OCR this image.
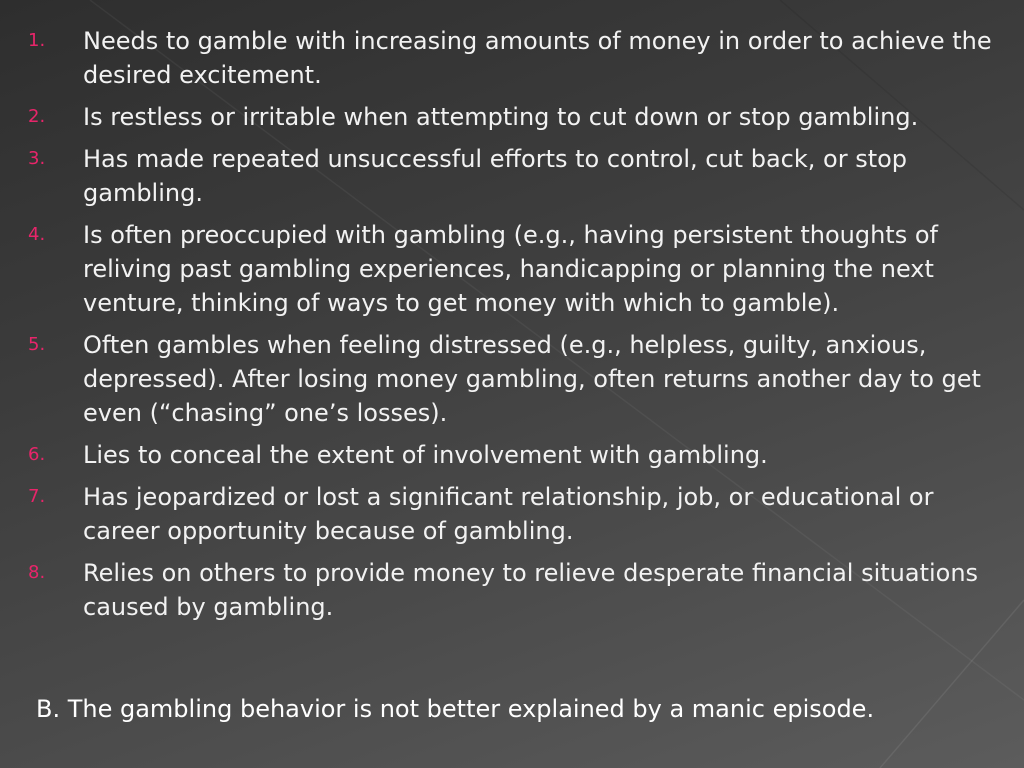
1. Needs to gamble with increasing amounts of money in order to achieve the desired excitement.
2. Is restless or irritable when attempting to cut down or stop gambling.
3. Has made repeated unsuccessful efforts to control, cut back, or stop gambling.
4. Is often preoccupied with gambling (e.g., having persistent thoughts of reliving past gambling experiences, handicapping or planning the next venture, thinking of ways to get money with which to gamble).
5. Often gambles when feeling distressed (e.g., helpless, guilty, anxious, depressed). After losing money gambling, often returns another day to get even (“chasing” one’s losses).
6. Lies to conceal the extent of involvement with gambling.
7. Has jeopardized or lost a significant relationship, job, or educational or career opportunity because of gambling.
8. Relies on others to provide money to relieve desperate financial situations caused by gambling.

B. The gambling behavior is not better explained by a manic episode.
